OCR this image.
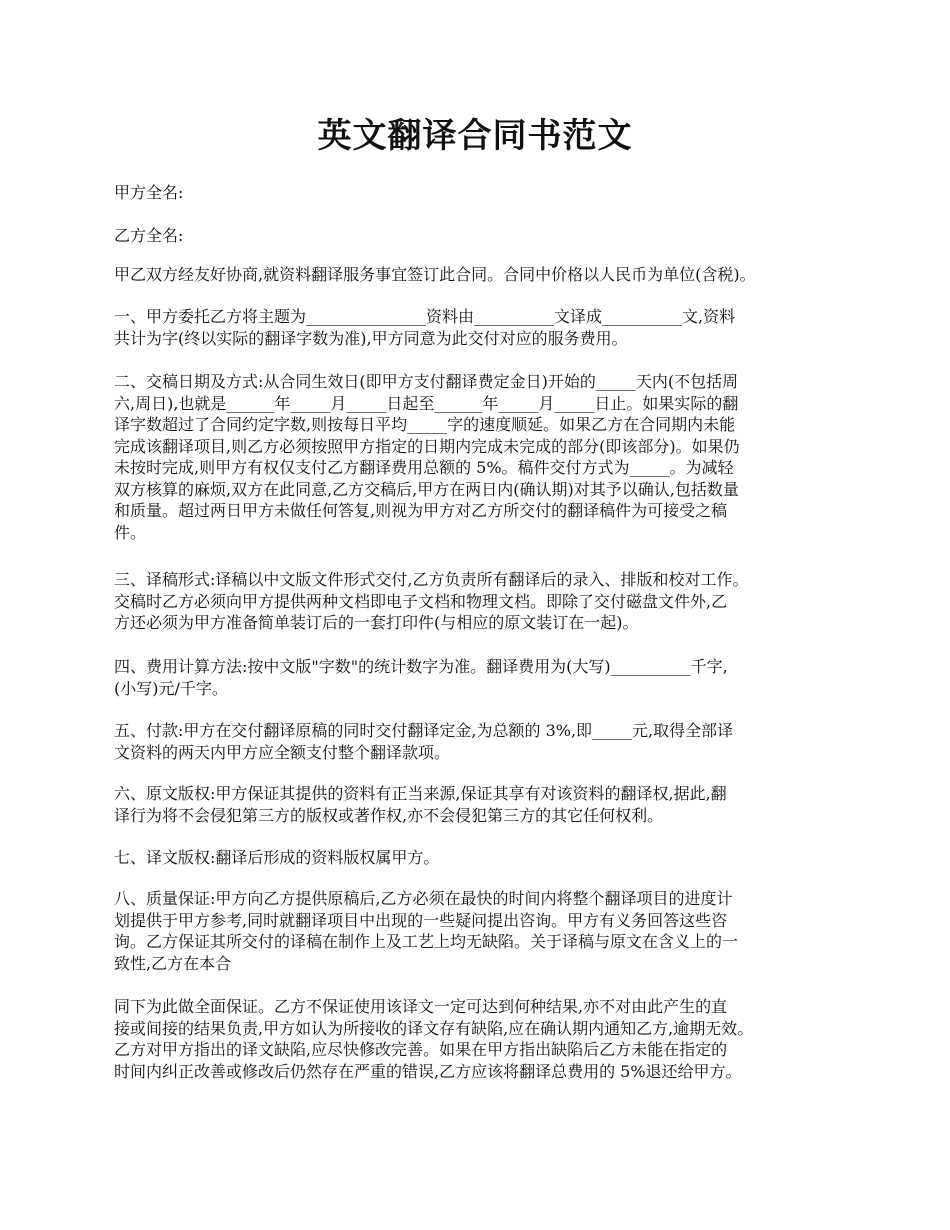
英文翻译合同书范文

甲方全名:

乙方全名:

甲乙双方经友好协商,就资料翻译服务事宜签订此合同。合同中价格以人民币为单位(含税)。

一、甲方委托乙方将主题为_______________资料由__________文译成__________文,资料
共计为字(终以实际的翻译字数为准),甲方同意为此交付对应的服务费用。

二、交稿日期及方式:从合同生效日(即甲方支付翻译费定金日)开始的_____天内(不包括周
六,周日),也就是______年_____月_____日起至______年_____月_____日止。如果实际的翻
译字数超过了合同约定字数,则按每日平均_____字的速度顺延。如果乙方在合同期内未能
完成该翻译项目,则乙方必须按照甲方指定的日期内完成未完成的部分(即该部分)。如果仍
未按时完成,则甲方有权仅支付乙方翻译费用总额的 5%。稿件交付方式为_____。为减轻
双方核算的麻烦,双方在此同意,乙方交稿后,甲方在两日内(确认期)对其予以确认,包括数量
和质量。超过两日甲方未做任何答复,则视为甲方对乙方所交付的翻译稿件为可接受之稿
件。

三、译稿形式:译稿以中文版文件形式交付,乙方负责所有翻译后的录入、排版和校对工作。
交稿时乙方必须向甲方提供两种文档即电子文档和物理文档。即除了交付磁盘文件外,乙
方还必须为甲方准备简单装订后的一套打印件(与相应的原文装订在一起)。

四、费用计算方法:按中文版"字数"的统计数字为准。翻译费用为(大写)__________千字,
(小写)元/千字。

五、付款:甲方在交付翻译原稿的同时交付翻译定金,为总额的 3%,即_____元,取得全部译
文资料的两天内甲方应全额支付整个翻译款项。

六、原文版权:甲方保证其提供的资料有正当来源,保证其享有对该资料的翻译权,据此,翻
译行为将不会侵犯第三方的版权或著作权,亦不会侵犯第三方的其它任何权利。

七、译文版权:翻译后形成的资料版权属甲方。

八、质量保证:甲方向乙方提供原稿后,乙方必须在最快的时间内将整个翻译项目的进度计
划提供于甲方参考,同时就翻译项目中出现的一些疑问提出咨询。甲方有义务回答这些咨
询。乙方保证其所交付的译稿在制作上及工艺上均无缺陷。关于译稿与原文在含义上的一
致性,乙方在本合

同下为此做全面保证。乙方不保证使用该译文一定可达到何种结果,亦不对由此产生的直
接或间接的结果负责,甲方如认为所接收的译文存有缺陷,应在确认期内通知乙方,逾期无效。
乙方对甲方指出的译文缺陷,应尽快修改完善。如果在甲方指出缺陷后乙方未能在指定的
时间内纠正改善或修改后仍然存在严重的错误,乙方应该将翻译总费用的 5%退还给甲方。
